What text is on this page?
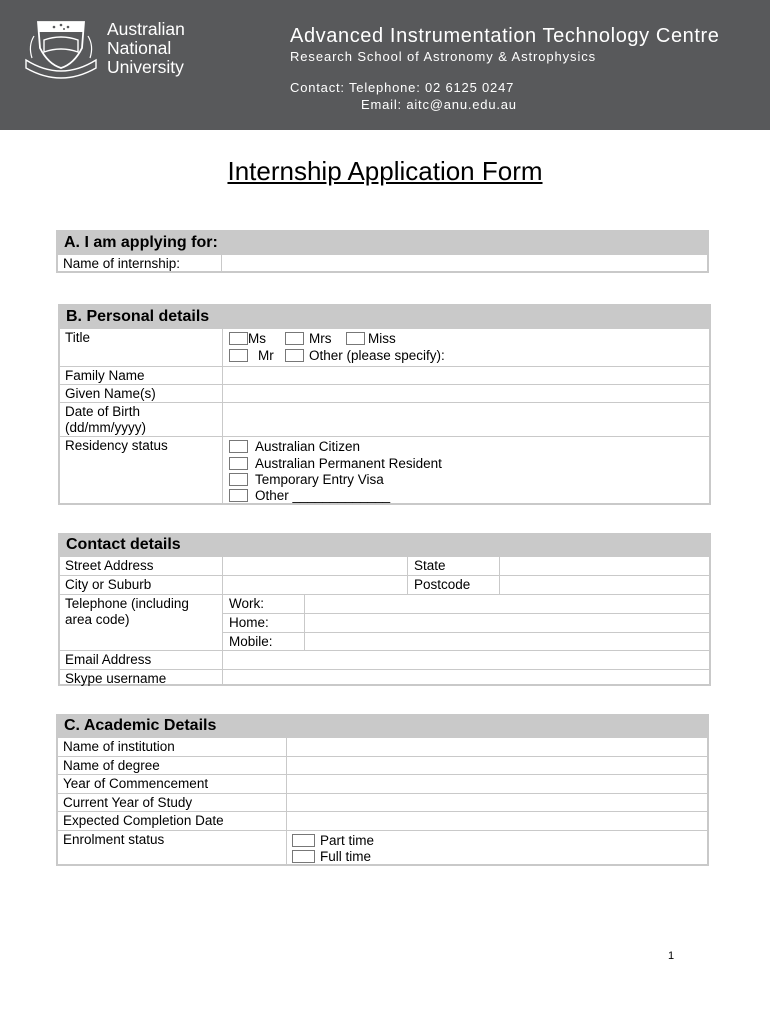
Australian
National
University
Advanced Instrumentation Technology Centre
Research School of Astronomy & Astrophysics
Contact: Telephone: 02 6125 0247
Email: aitc@anu.edu.au
Internship Application Form
A. I am applying for:
Name of internship:
B. Personal details
Title	Ms	Mrs	Miss
Mr	Other (please specify):
Family Name
Given Name(s)
Date of Birth
(dd/mm/yyyy)
Residency status	Australian Citizen
Australian Permanent Resident
Temporary Entry Visa
Other _____________
Contact details
Street Address	State
City or Suburb	Postcode
Telephone (including
area code)
Work:
Home:
Mobile:
Email Address
Skype username
C. Academic Details
Name of institution
Name of degree
Year of Commencement
Current Year of Study
Expected Completion Date
Enrolment status	Part time
Full time
1
